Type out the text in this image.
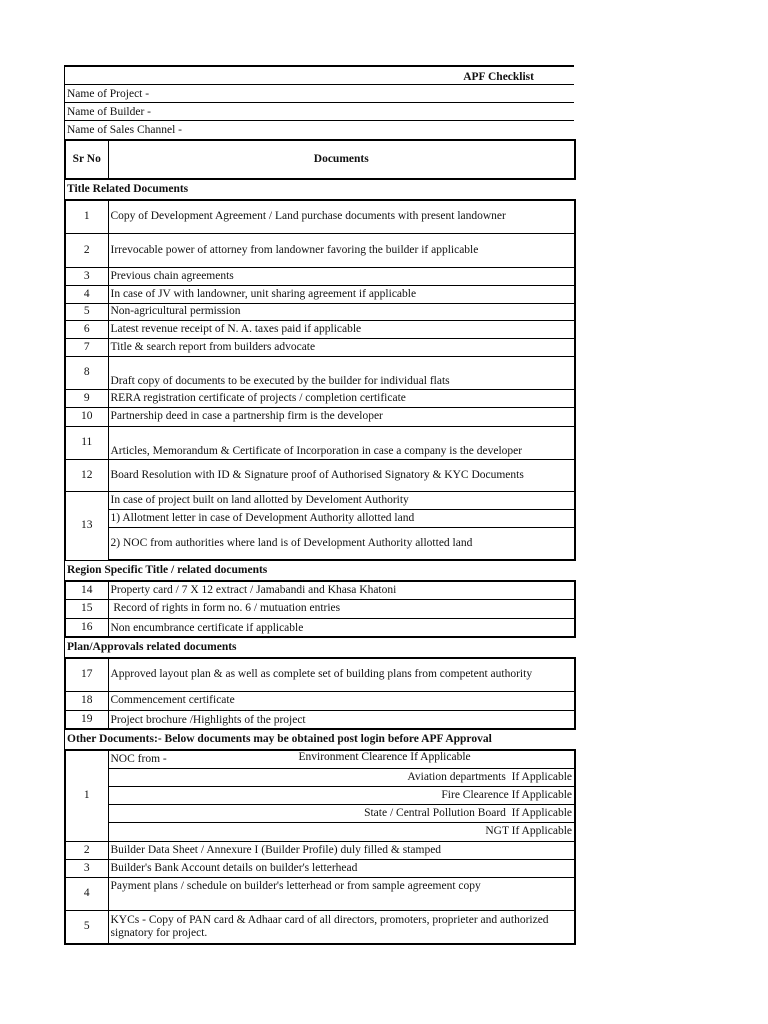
APF Checklist
Name of Project -
Name of Builder -
Name of Sales Channel -
Sr No	Documents
Title Related Documents
1	Copy of Development Agreement / Land purchase documents with present landowner
2	Irrevocable power of attorney from landowner favoring the builder if applicable
3	Previous chain agreements
4	In case of JV with landowner, unit sharing agreement if applicable
5	Non-agricultural permission
6	Latest revenue receipt of N. A. taxes paid if applicable
7	Title & search report from builders advocate
8	Draft copy of documents to be executed by the builder for individual flats
9	RERA registration certificate of projects / completion certificate
10	Partnership deed in case a partnership firm is the developer
11	Articles, Memorandum & Certificate of Incorporation in case a company is the developer
12	Board Resolution with ID & Signature proof of Authorised Signatory & KYC Documents
13	In case of project built on land allotted by Develoment Authority
	1) Allotment letter in case of Development Authority allotted land
	2) NOC from authorities where land is of Development Authority allotted land
Region Specific Title / related documents
14	Property card / 7 X 12 extract / Jamabandi and Khasa Khatoni
15	Record of rights in form no. 6 / mutuation entries
16	Non encumbrance certificate if applicable
Plan/Approvals related documents
17	Approved layout plan & as well as complete set of building plans from competent authority
18	Commencement certificate
19	Project brochure /Highlights of the project
Other Documents:- Below documents may be obtained post login before APF Approval
1	NOC from - Environment Clearence If Applicable

	Aviation departments  If Applicable
	Fire Clearence If Applicable
	State / Central Pollution Board  If Applicable
	NGT If Applicable
2	Builder Data Sheet / Annexure I (Builder Profile) duly filled & stamped
3	Builder's Bank Account details on builder's letterhead
4	Payment plans / schedule on builder's letterhead or from sample agreement copy
5	KYCs - Copy of PAN card & Adhaar card of all directors, promoters, proprieter and authorized signatory for project.
